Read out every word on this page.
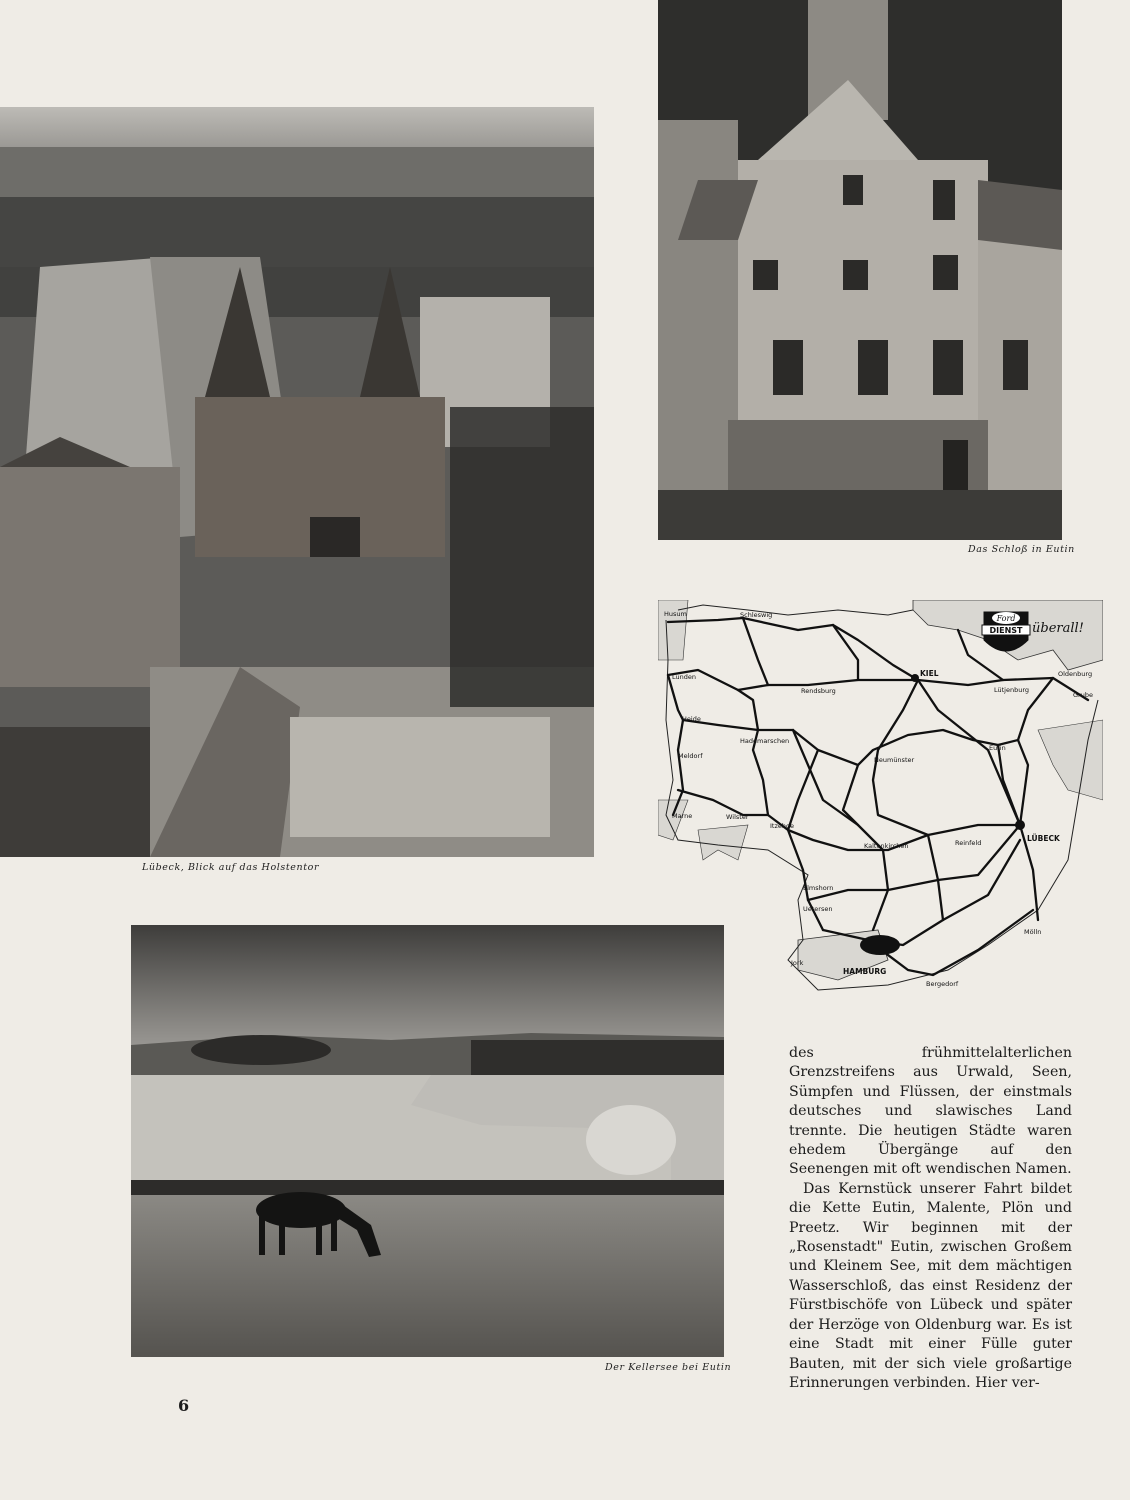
Lübeck, Blick auf das Holstentor
Das Schloß in Eutin
Ford
DIENST überall!
Husum	Schleswig
KIEL	Oldenburg
Lunden
Rendsburg	Lütjenburg
Grube
Heide
Hademarschen
Eutin
Neumünster
Meldorf
Marne	Wilster
Itzehoe
Kaltenkirchen	Reinfeld	LÜBECK
Elmshorn
Uetersen
Mölln
Jork
HAMBURG
Bergedorf
Der Kellersee bei Eutin

des frühmittelalterlichen Grenzstreifens aus Urwald, Seen, Sümpfen und Flüssen, der einstmals deutsches und slawisches Land trennte. Die heutigen Städte waren ehedem Übergänge auf den Seenengen mit oft wendischen Namen.

Das Kernstück unserer Fahrt bildet die Kette Eutin, Malente, Plön und Preetz. Wir beginnen mit der „Rosenstadt" Eutin, zwischen Großem und Kleinem See, mit dem mächtigen Wasserschloß, das einst Residenz der Fürstbischöfe von Lübeck und später der Herzöge von Oldenburg war. Es ist eine Stadt mit einer Fülle guter Bauten, mit der sich viele großartige Erinnerungen verbinden. Hier ver-

6
